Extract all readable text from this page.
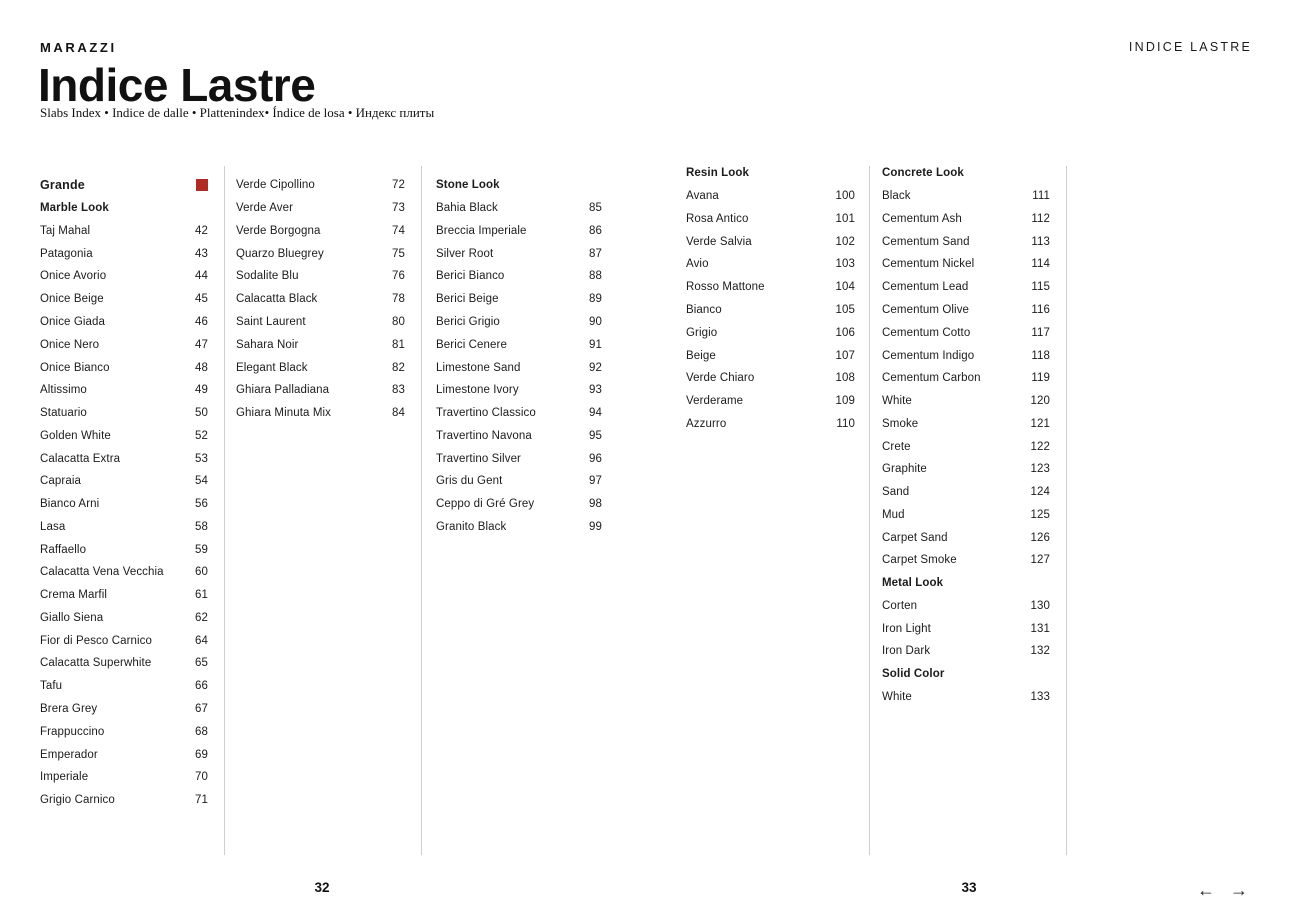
MARAZZI	INDICE LASTRE
Indice Lastre

Slabs Index • Indice de dalle • Plattenindex• Índice de losa • Индекс плиты

Grande
Marble Look
Taj Mahal	42
Patagonia	43
Onice Avorio	44
Onice Beige	45
Onice Giada	46
Onice Nero	47
Onice Bianco	48
Altissimo	49
Statuario	50
Golden White	52
Calacatta Extra	53
Capraia	54
Bianco Arni	56
Lasa	58
Raffaello	59
Calacatta Vena Vecchia	60
Crema Marfil	61
Giallo Siena	62
Fior di Pesco Carnico	64
Calacatta Superwhite	65
Tafu	66
Brera Grey	67
Frappuccino	68
Emperador	69
Imperiale	70
Grigio Carnico	71
Verde Cipollino	72
Verde Aver	73
Verde Borgogna	74
Quarzo Bluegrey	75
Sodalite Blu	76
Calacatta Black	78
Saint Laurent	80
Sahara Noir	81
Elegant Black	82
Ghiara Palladiana	83
Ghiara Minuta Mix	84
Stone Look
Bahia Black	85
Breccia Imperiale	86
Silver Root	87
Berici Bianco	88
Berici Beige	89
Berici Grigio	90
Berici Cenere	91
Limestone Sand	92
Limestone Ivory	93
Travertino Classico	94
Travertino Navona	95
Travertino Silver	96
Gris du Gent	97
Ceppo di Gré Grey	98
Granito Black	99
Resin Look
Avana	100
Rosa Antico	101
Verde Salvia	102
Avio	103
Rosso Mattone	104
Bianco	105
Grigio	106
Beige	107
Verde Chiaro	108
Verderame	109
Azzurro	110
Concrete Look
Black	111
Cementum Ash	112
Cementum Sand	113
Cementum Nickel	114
Cementum Lead	115
Cementum Olive	116
Cementum Cotto	117
Cementum Indigo	118
Cementum Carbon	119
White	120
Smoke	121
Crete	122
Graphite	123
Sand	124
Mud	125
Carpet Sand	126
Carpet Smoke	127
Metal Look
Corten	130
Iron Light	131
Iron Dark	132
Solid Color
White	133
32	33	← →
